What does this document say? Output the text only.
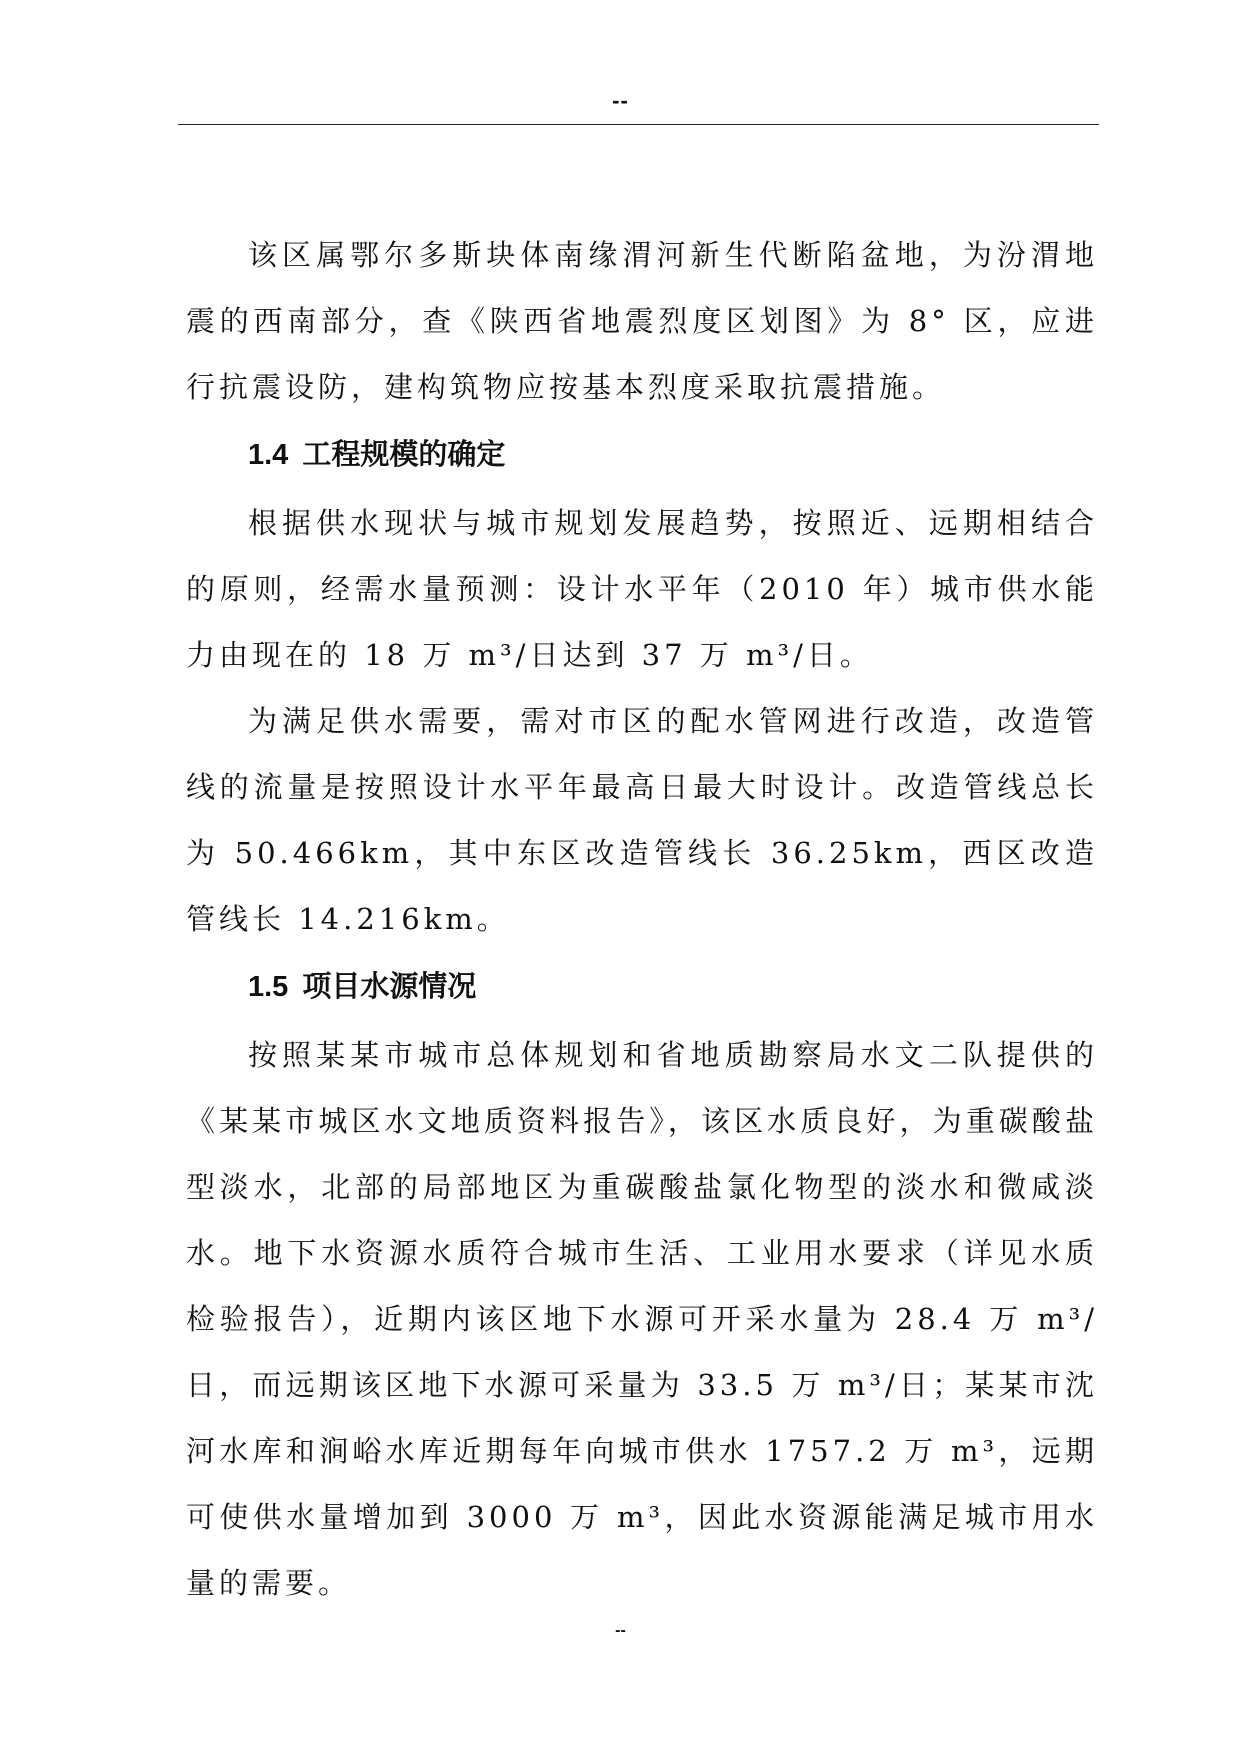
--

该区属鄂尔多斯块体南缘渭河新生代断陷盆地，为汾渭地震的西南部分，查《陕西省地震烈度区划图》为 8° 区，应进行抗震设防，建构筑物应按基本烈度采取抗震措施。

1.4 工程规模的确定

根据供水现状与城市规划发展趋势，按照近、远期相结合的原则，经需水量预测：设计水平年（2010 年）城市供水能力由现在的 18 万 m³/日达到 37 万 m³/日。

为满足供水需要，需对市区的配水管网进行改造，改造管线的流量是按照设计水平年最高日最大时设计。改造管线总长为 50.466km，其中东区改造管线长 36.25km，西区改造管线长 14.216km。

1.5 项目水源情况

按照某某市城市总体规划和省地质勘察局水文二队提供的《某某市城区水文地质资料报告》，该区水质良好，为重碳酸盐型淡水，北部的局部地区为重碳酸盐氯化物型的淡水和微咸淡水。地下水资源水质符合城市生活、工业用水要求（详见水质检验报告），近期内该区地下水源可开采水量为 28.4 万 m³/日，而远期该区地下水源可采量为 33.5 万 m³/日；某某市沈河水库和涧峪水库近期每年向城市供水 1757.2 万 m³，远期可使供水量增加到 3000 万 m³，因此水资源能满足城市用水量的需要。

--
